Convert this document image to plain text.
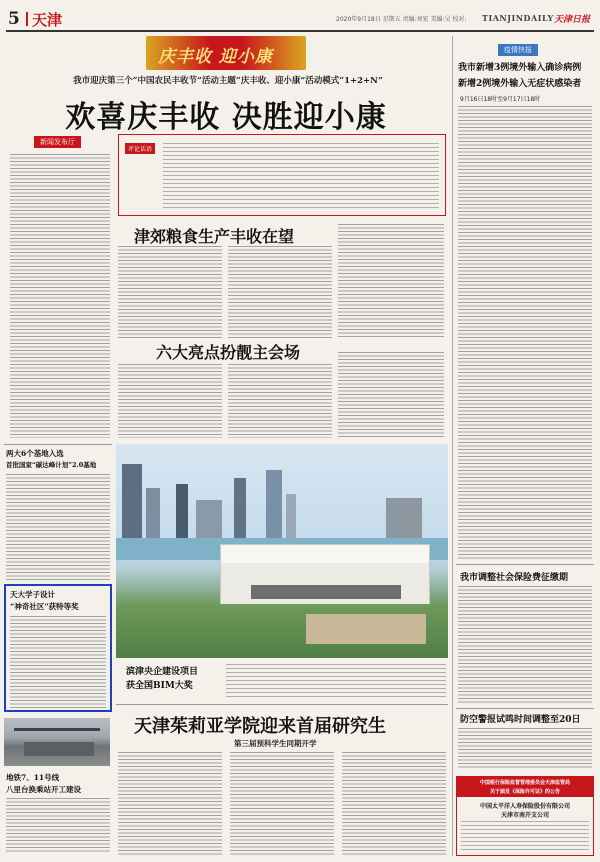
5 天津	2020年9月18日 星期五 责编:刘宏 美编:吴 校对: TIANJINDAILY 天津日报
庆丰收 迎小康
我市迎庆第三个“中国农民丰收节”活动主题“庆丰收、迎小康”活动模式“1+2+N”
欢喜庆丰收 决胜迎小康
新闻发布厅
评论话语
津郊粮食生产丰收在望
六大亮点扮靓主会场
疫情快报
我市新增3例境外输入确诊病例
新增2例境外输入无症状感染者
9月16日18时至9月17日18时
我市调整社会保险费征缴期
防空警报试鸣时间调整至20日
中国银行保险监督管理委员会天津监管局
关于颁发《保险许可证》的公告
中国太平洋人寿保险股份有限公司
天津市南开支公司
两大6个基地入选
首批国家“碳达峰计划”2.0基地
天大学子设计
“神奇社区”获特等奖
地铁7、11号线
八里台换乘站开工建设
滨津央企建设项目
获全国BIM大奖
天津茱莉亚学院迎来首届研究生
第三届预科学生同期开学
